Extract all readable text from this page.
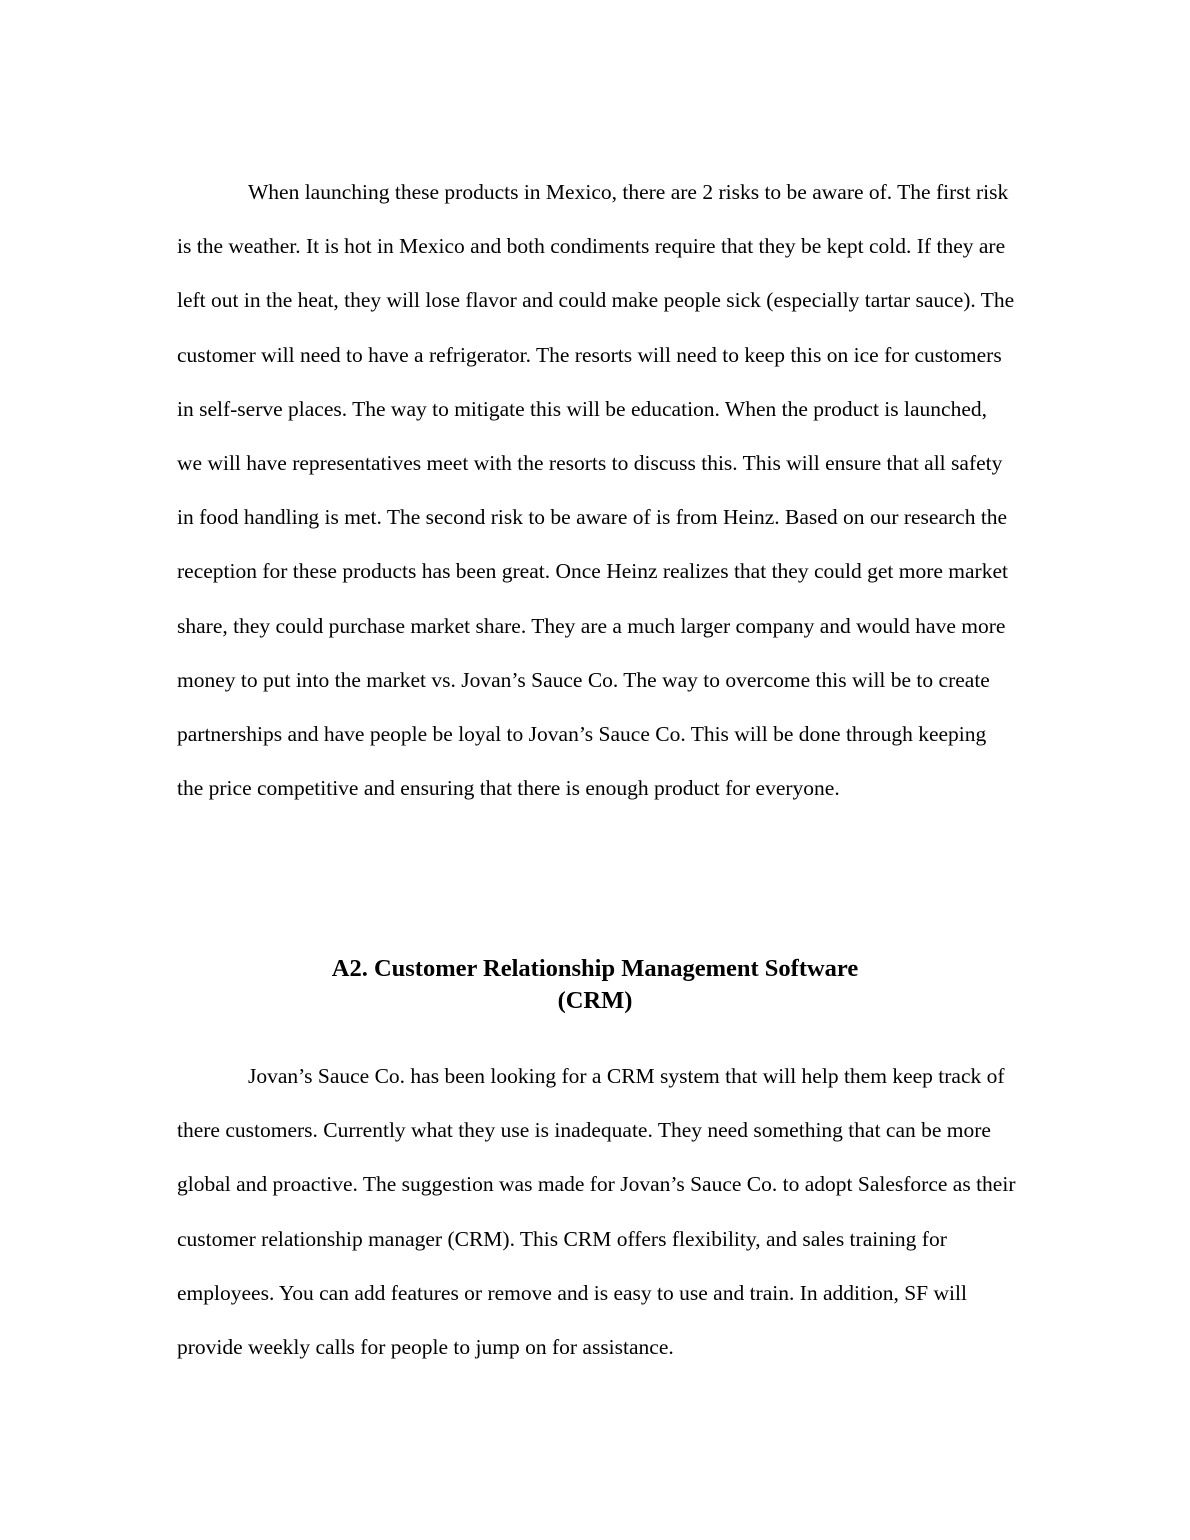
When launching these products in Mexico, there are 2 risks to be aware of. The first risk is the weather. It is hot in Mexico and both condiments require that they be kept cold. If they are left out in the heat, they will lose flavor and could make people sick (especially tartar sauce). The customer will need to have a refrigerator. The resorts will need to keep this on ice for customers in self-serve places. The way to mitigate this will be education. When the product is launched, we will have representatives meet with the resorts to discuss this. This will ensure that all safety in food handling is met. The second risk to be aware of is from Heinz. Based on our research the reception for these products has been great. Once Heinz realizes that they could get more market share, they could purchase market share. They are a much larger company and would have more money to put into the market vs. Jovan’s Sauce Co. The way to overcome this will be to create partnerships and have people be loyal to Jovan’s Sauce Co. This will be done through keeping the price competitive and ensuring that there is enough product for everyone.

A2. Customer Relationship Management Software
(CRM)

Jovan’s Sauce Co. has been looking for a CRM system that will help them keep track of there customers. Currently what they use is inadequate. They need something that can be more global and proactive. The suggestion was made for Jovan’s Sauce Co. to adopt Salesforce as their customer relationship manager (CRM). This CRM offers flexibility, and sales training for employees. You can add features or remove and is easy to use and train. In addition, SF will provide weekly calls for people to jump on for assistance.
